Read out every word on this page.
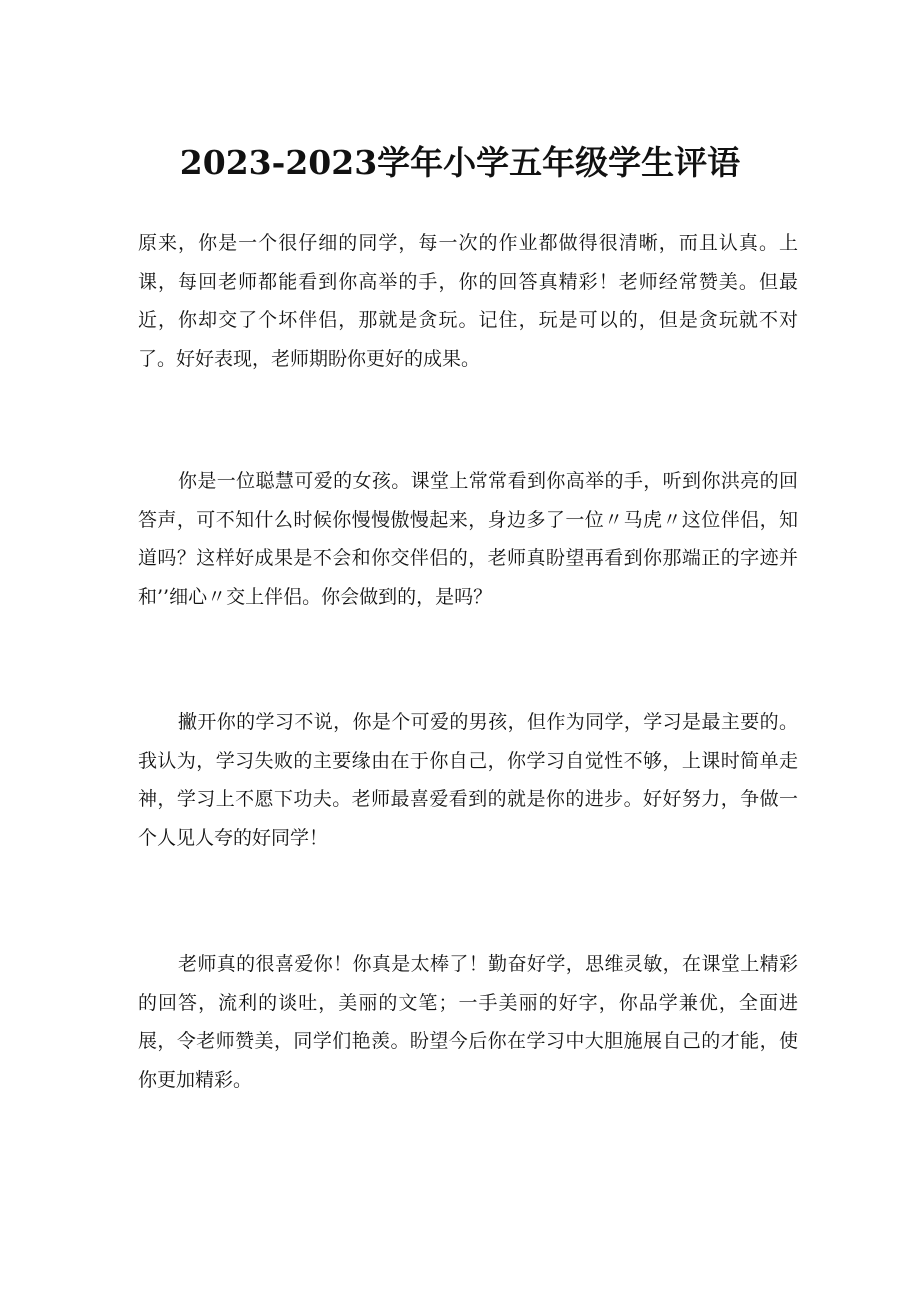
2023-2023学年小学五年级学生评语

原来，你是一个很仔细的同学，每一次的作业都做得很清晰，而且认真。上课，每回老师都能看到你高举的手，你的回答真精彩！老师经常赞美。但最近，你却交了个坏伴侣，那就是贪玩。记住，玩是可以的，但是贪玩就不对了。好好表现，老师期盼你更好的成果。

你是一位聪慧可爱的女孩。课堂上常常看到你高举的手，听到你洪亮的回答声，可不知什么时候你慢慢傲慢起来，身边多了一位〃马虎〃这位伴侣，知道吗？这样好成果是不会和你交伴侣的，老师真盼望再看到你那端正的字迹并和’’细心〃交上伴侣。你会做到的，是吗？

撇开你的学习不说，你是个可爱的男孩，但作为同学，学习是最主要的。我认为，学习失败的主要缘由在于你自己，你学习自觉性不够，上课时简单走神，学习上不愿下功夫。老师最喜爱看到的就是你的进步。好好努力，争做一个人见人夸的好同学！

老师真的很喜爱你！你真是太棒了！勤奋好学，思维灵敏，在课堂上精彩的回答，流利的谈吐，美丽的文笔；一手美丽的好字，你品学兼优，全面进展，令老师赞美，同学们艳羡。盼望今后你在学习中大胆施展自己的才能，使你更加精彩。
